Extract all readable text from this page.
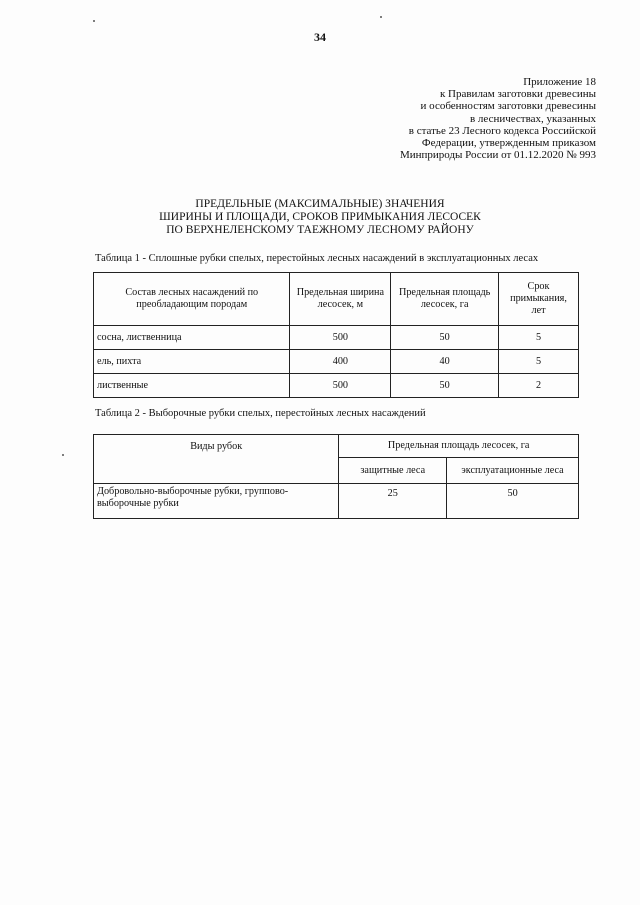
34
Приложение 18
к Правилам заготовки древесины
и особенностям заготовки древесины
в лесничествах, указанных
в статье 23 Лесного кодекса Российской
Федерации, утвержденным приказом
Минприроды России от 01.12.2020 № 993
ПРЕДЕЛЬНЫЕ (МАКСИМАЛЬНЫЕ) ЗНАЧЕНИЯ
ШИРИНЫ И ПЛОЩАДИ, СРОКОВ ПРИМЫКАНИЯ ЛЕСОСЕК
ПО ВЕРХНЕЛЕНСКОМУ ТАЕЖНОМУ ЛЕСНОМУ РАЙОНУ
Таблица 1 - Сплошные рубки спелых, перестойных лесных насаждений в эксплуатационных лесах
Состав лесных насаждений по преобладающим породам	Предельная ширина лесосек, м	Предельная площадь лесосек, га	Срок примыкания, лет
сосна, лиственница	500	50	5
ель, пихта	400	40	5
лиственные	500	50	2
Таблица 2 - Выборочные рубки спелых, перестойных лесных насаждений
Виды рубок	Предельная площадь лесосек, га	
	защитные леса	эксплуатационные леса
Добровольно-выборочные рубки, группово-выборочные рубки	25	50
